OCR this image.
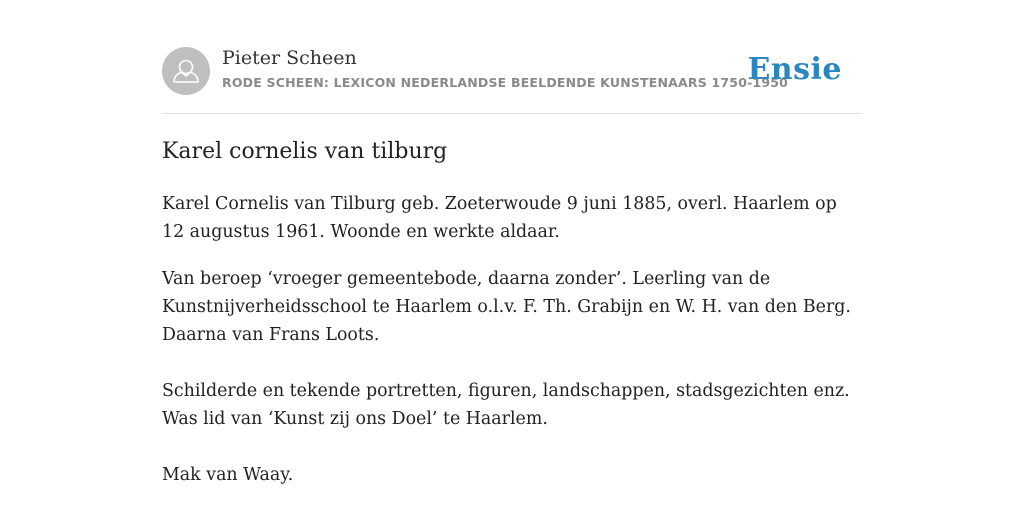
Pieter Scheen
RODE SCHEEN: LEXICON NEDERLANDSE BEELDENDE KUNSTENAARS 1750-1950
Ensie
Karel cornelis van tilburg

Karel Cornelis van Tilburg geb. Zoeterwoude 9 juni 1885, overl. Haarlem op 12 augustus 1961. Woonde en werkte aldaar.

Van beroep ‘vroeger gemeentebode, daarna zonder’. Leerling van de Kunstnijverheidsschool te Haarlem o.l.v. F. Th. Grabijn en W. H. van den Berg. Daarna van Frans Loots.

Schilderde en tekende portretten, figuren, landschappen, stadsgezichten enz. Was lid van ‘Kunst zij ons Doel’ te Haarlem.

Mak van Waay.
